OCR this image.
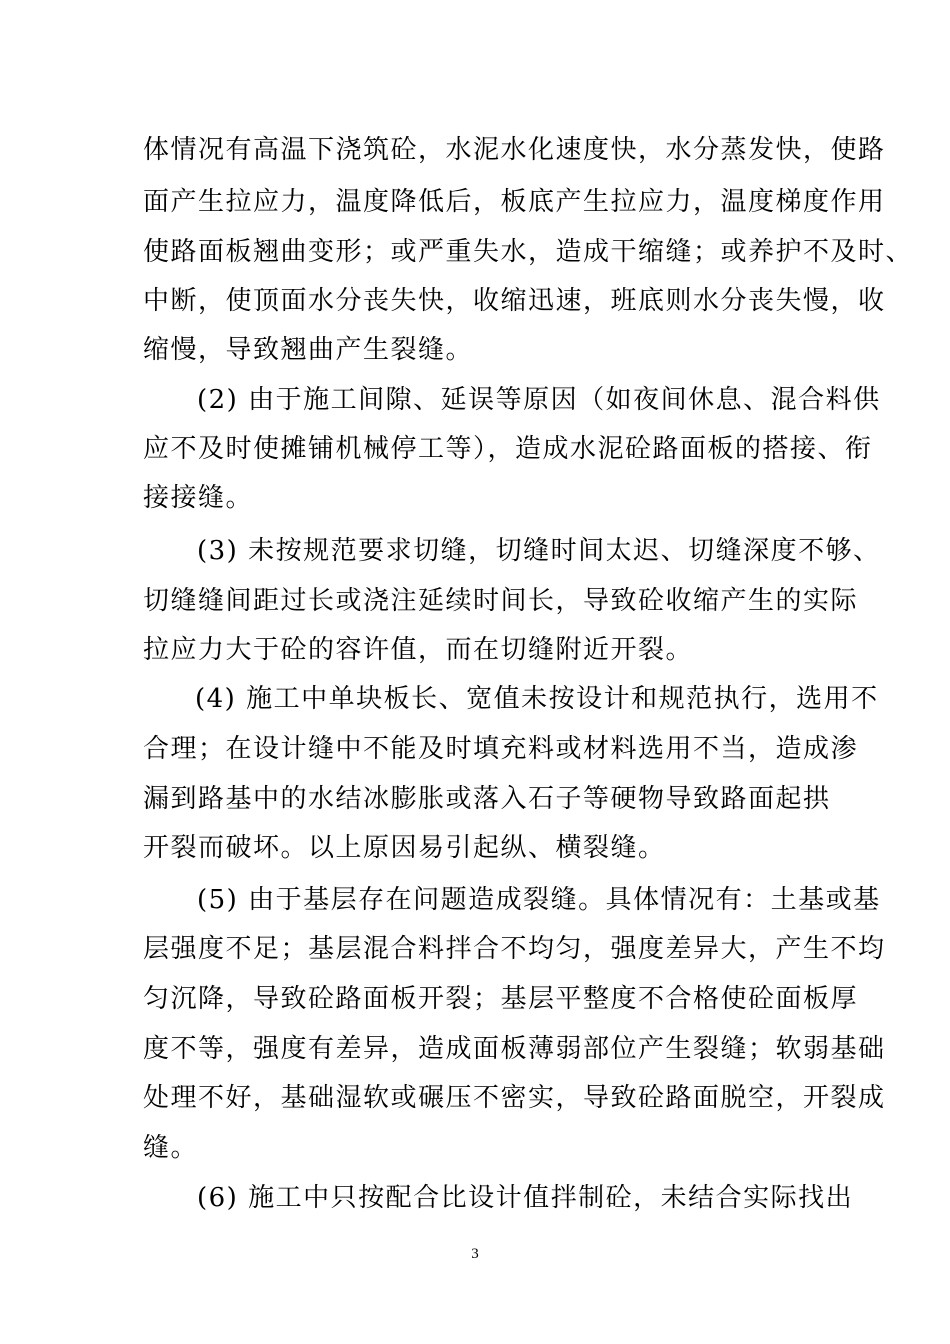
体情况有高温下浇筑砼，水泥水化速度快，水分蒸发快，使路
面产生拉应力，温度降低后，板底产生拉应力，温度梯度作用
使路面板翘曲变形；或严重失水，造成干缩缝；或养护不及时、
中断，使顶面水分丧失快，收缩迅速，班底则水分丧失慢，收
缩慢，导致翘曲产生裂缝。
(2) 由于施工间隙、延误等原因（如夜间休息、混合料供
应不及时使摊铺机械停工等），造成水泥砼路面板的搭接、衔
接接缝。
(3) 未按规范要求切缝，切缝时间太迟、切缝深度不够、
切缝缝间距过长或浇注延续时间长，导致砼收缩产生的实际
拉应力大于砼的容许值，而在切缝附近开裂。
(4) 施工中单块板长、宽值未按设计和规范执行，选用不
合理；在设计缝中不能及时填充料或材料选用不当，造成渗
漏到路基中的水结冰膨胀或落入石子等硬物导致路面起拱
开裂而破坏。以上原因易引起纵、横裂缝。
(5) 由于基层存在问题造成裂缝。具体情况有：土基或基
层强度不足；基层混合料拌合不均匀，强度差异大，产生不均
匀沉降，导致砼路面板开裂；基层平整度不合格使砼面板厚
度不等，强度有差异，造成面板薄弱部位产生裂缝；软弱基础
处理不好，基础湿软或碾压不密实，导致砼路面脱空，开裂成
缝。
(6) 施工中只按配合比设计值拌制砼，未结合实际找出
3
